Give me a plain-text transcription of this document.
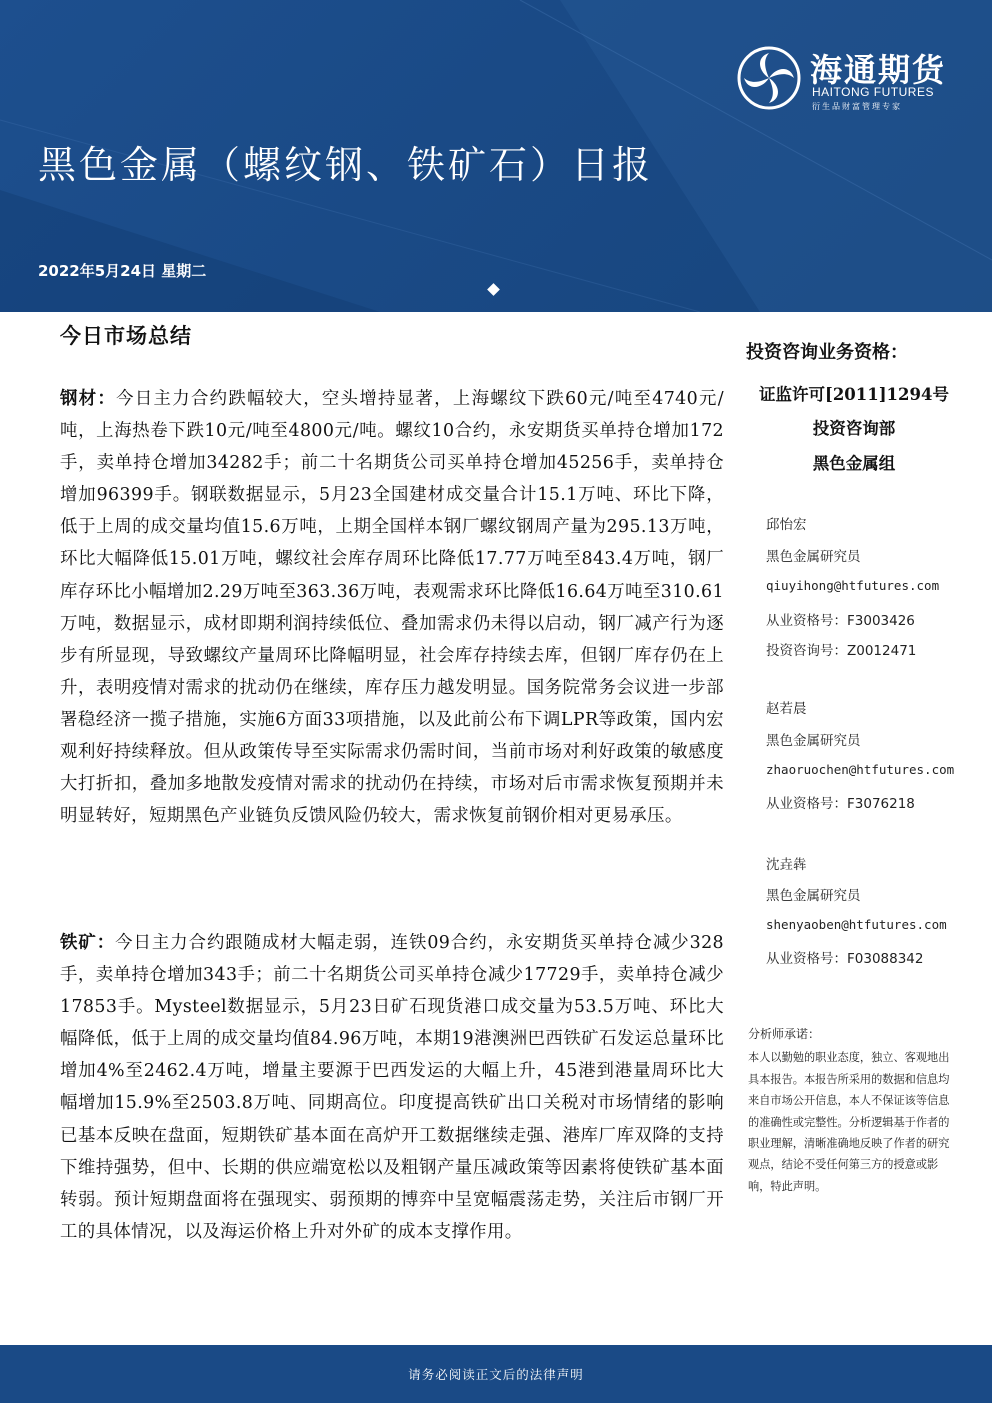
海通期货
HAITONG FUTURES
衍生品财富管理专家
黑色金属（螺纹钢、铁矿石）日报
2022年5月24日 星期二
今日市场总结
钢材：今日主力合约跌幅较大，空头增持显著，上海螺纹下跌60元/吨至4740元/吨，上海热卷下跌10元/吨至4800元/吨。螺纹10合约，永安期货买单持仓增加172手，卖单持仓增加34282手；前二十名期货公司买单持仓增加45256手，卖单持仓增加96399手。钢联数据显示，5月23全国建材成交量合计15.1万吨、环比下降，低于上周的成交量均值15.6万吨，上期全国样本钢厂螺纹钢周产量为295.13万吨，环比大幅降低15.01万吨，螺纹社会库存周环比降低17.77万吨至843.4万吨，钢厂库存环比小幅增加2.29万吨至363.36万吨，表观需求环比降低16.64万吨至310.61万吨，数据显示，成材即期利润持续低位、叠加需求仍未得以启动，钢厂减产行为逐步有所显现，导致螺纹产量周环比降幅明显，社会库存持续去库，但钢厂库存仍在上升，表明疫情对需求的扰动仍在继续，库存压力越发明显。国务院常务会议进一步部署稳经济一揽子措施，实施6方面33项措施，以及此前公布下调LPR等政策，国内宏观利好持续释放。但从政策传导至实际需求仍需时间，当前市场对利好政策的敏感度大打折扣，叠加多地散发疫情对需求的扰动仍在持续，市场对后市需求恢复预期并未明显转好，短期黑色产业链负反馈风险仍较大，需求恢复前钢价相对更易承压。
铁矿：今日主力合约跟随成材大幅走弱，连铁09合约，永安期货买单持仓减少328手，卖单持仓增加343手；前二十名期货公司买单持仓减少17729手，卖单持仓减少17853手。Mysteel数据显示，5月23日矿石现货港口成交量为53.5万吨、环比大幅降低，低于上周的成交量均值84.96万吨，本期19港澳洲巴西铁矿石发运总量环比增加4%至2462.4万吨，增量主要源于巴西发运的大幅上升，45港到港量周环比大幅增加15.9%至2503.8万吨、同期高位。印度提高铁矿出口关税对市场情绪的影响已基本反映在盘面，短期铁矿基本面在高炉开工数据继续走强、港库厂库双降的支持下维持强势，但中、长期的供应端宽松以及粗钢产量压减政策等因素将使铁矿基本面转弱。预计短期盘面将在强现实、弱预期的博弈中呈宽幅震荡走势，关注后市钢厂开工的具体情况，以及海运价格上升对外矿的成本支撑作用。
投资咨询业务资格：
证监许可[2011]1294号
投资咨询部
黑色金属组
邱怡宏
黑色金属研究员
qiuyihong@htfutures.com
从业资格号：F3003426
投资咨询号：Z0012471
赵若晨
黑色金属研究员
zhaoruochen@htfutures.com
从业资格号：F3076218
沈垚犇
黑色金属研究员
shenyaoben@htfutures.com
从业资格号：F03088342
分析师承诺：
本人以勤勉的职业态度，独立、客观地出具本报告。本报告所采用的数据和信息均来自市场公开信息，本人不保证该等信息的准确性或完整性。分析逻辑基于作者的职业理解，清晰准确地反映了作者的研究观点，结论不受任何第三方的授意或影响，特此声明。
请务必阅读正文后的法律声明
